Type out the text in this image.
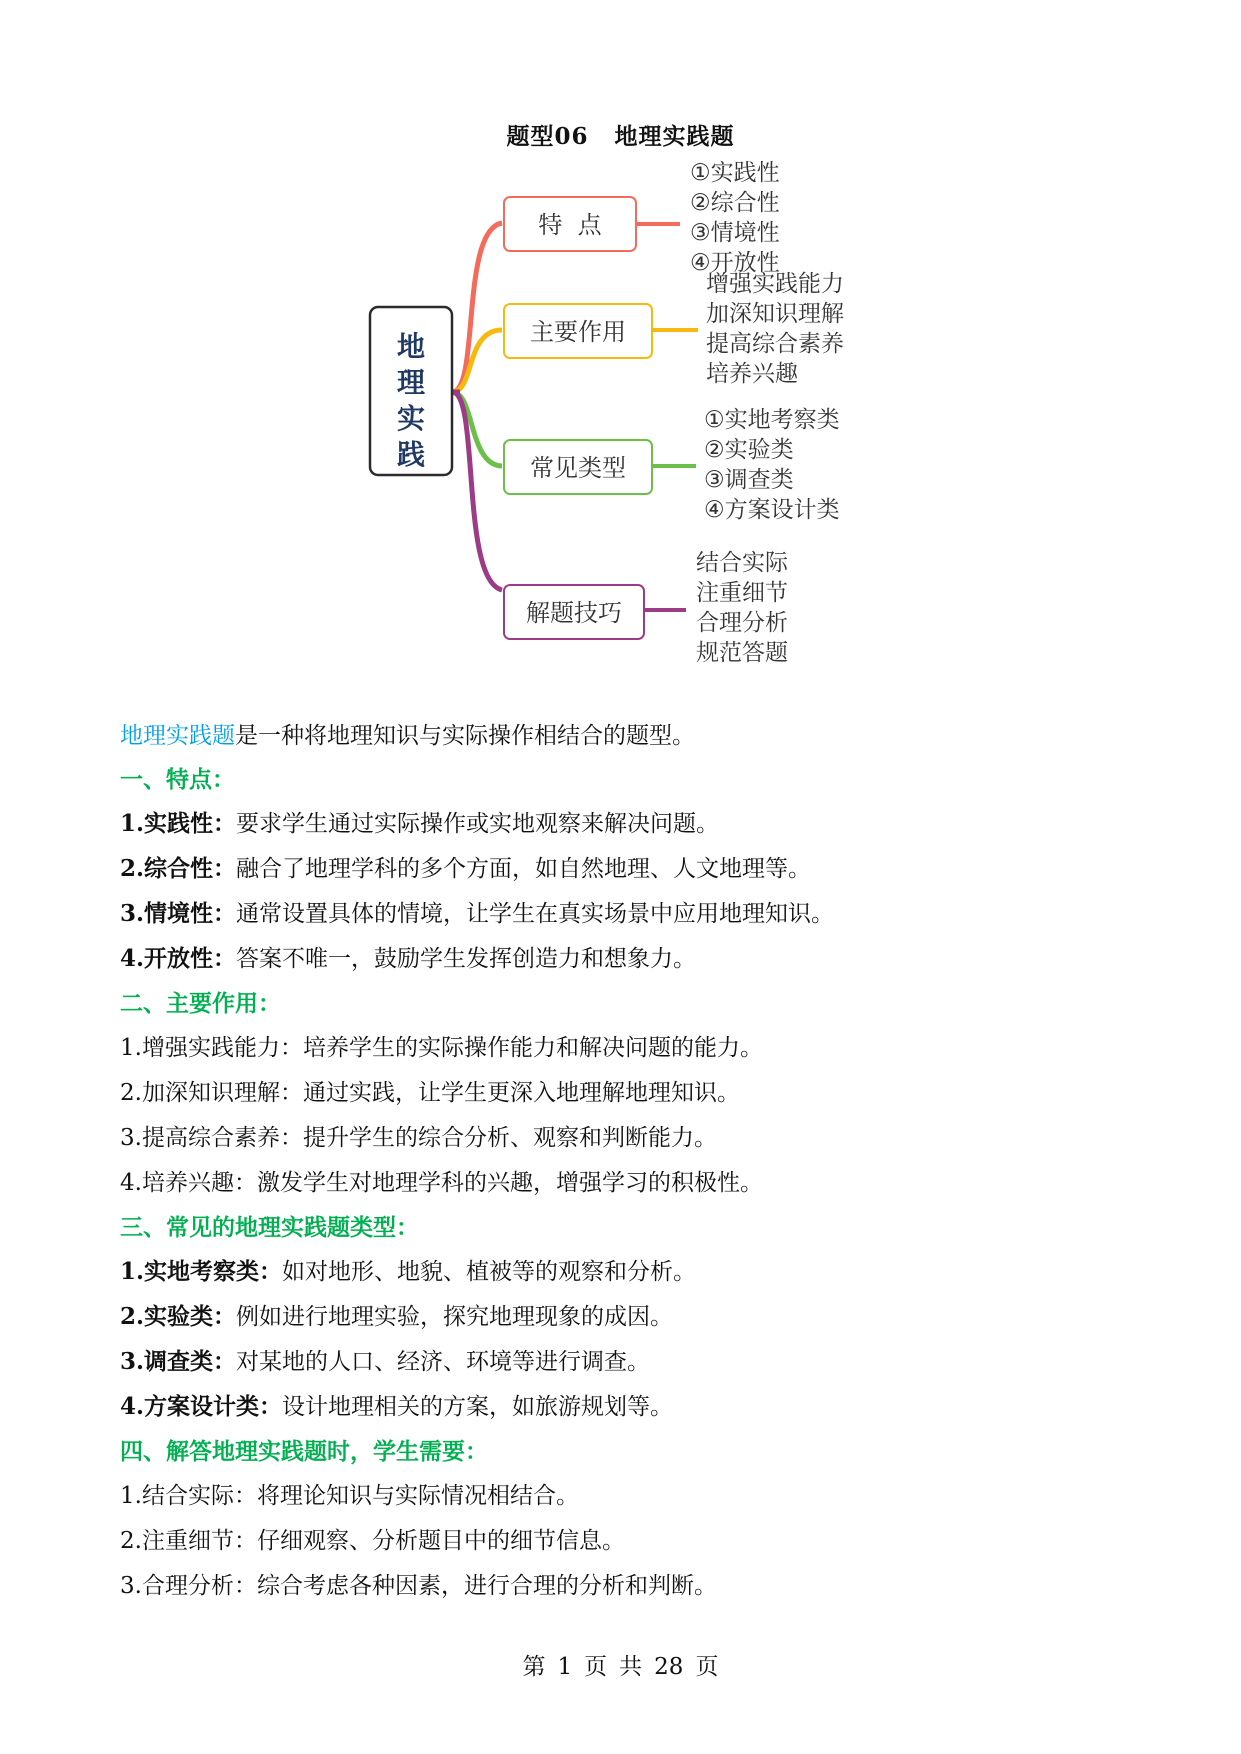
题型06 地理实践题
地
理
实
践
特  点
①实践性
②综合性
③情境性
④开放性
主要作用
增强实践能力
加深知识理解
提高综合素养
培养兴趣
常见类型
①实地考察类
②实验类
③调查类
④方案设计类
解题技巧
结合实际
注重细节
合理分析
规范答题
地理实践题是一种将地理知识与实际操作相结合的题型。
一、特点：
1.实践性：要求学生通过实际操作或实地观察来解决问题。
2.综合性：融合了地理学科的多个方面，如自然地理、人文地理等。
3.情境性：通常设置具体的情境，让学生在真实场景中应用地理知识。
4.开放性：答案不唯一，鼓励学生发挥创造力和想象力。
二、主要作用：
1.增强实践能力：培养学生的实际操作能力和解决问题的能力。
2.加深知识理解：通过实践，让学生更深入地理解地理知识。
3.提高综合素养：提升学生的综合分析、观察和判断能力。
4.培养兴趣：激发学生对地理学科的兴趣，增强学习的积极性。
三、常见的地理实践题类型：
1.实地考察类：如对地形、地貌、植被等的观察和分析。
2.实验类：例如进行地理实验，探究地理现象的成因。
3.调查类：对某地的人口、经济、环境等进行调查。
4.方案设计类：设计地理相关的方案，如旅游规划等。
四、解答地理实践题时，学生需要：
1.结合实际：将理论知识与实际情况相结合。
2.注重细节：仔细观察、分析题目中的细节信息。
3.合理分析：综合考虑各种因素，进行合理的分析和判断。
第 1 页 共 28 页
